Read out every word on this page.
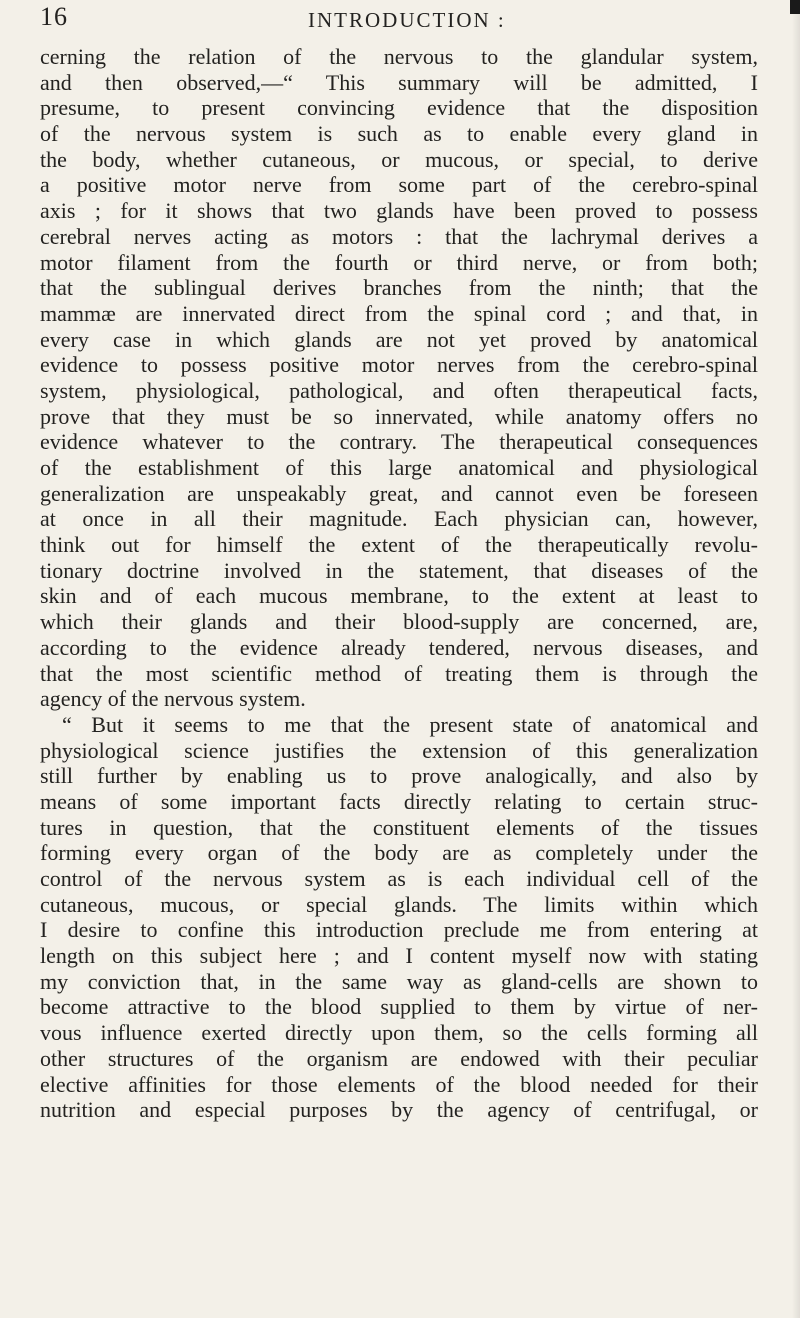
16	INTRODUCTION :
cerning the relation of the nervous to the glandular system,
and then observed,—“ This summary will be admitted, I
presume, to present convincing evidence that the disposition
of the nervous system is such as to enable every gland in
the body, whether cutaneous, or mucous, or special, to derive
a positive motor nerve from some part of the cerebro-spinal
axis ; for it shows that two glands have been proved to possess
cerebral nerves acting as motors : that the lachrymal derives a
motor filament from the fourth or third nerve, or from both;
that the sublingual derives branches from the ninth; that the
mammæ are innervated direct from the spinal cord ; and that, in
every case in which glands are not yet proved by anatomical
evidence to possess positive motor nerves from the cerebro-spinal
system, physiological, pathological, and often therapeutical facts,
prove that they must be so innervated, while anatomy offers no
evidence whatever to the contrary. The therapeutical consequences
of the establishment of this large anatomical and physiological
generalization are unspeakably great, and cannot even be foreseen
at once in all their magnitude. Each physician can, however,
think out for himself the extent of the therapeutically revolu-
tionary doctrine involved in the statement, that diseases of the
skin and of each mucous membrane, to the extent at least to
which their glands and their blood-supply are concerned, are,
according to the evidence already tendered, nervous diseases, and
that the most scientific method of treating them is through the
agency of the nervous system.
“ But it seems to me that the present state of anatomical and
physiological science justifies the extension of this generalization
still further by enabling us to prove analogically, and also by
means of some important facts directly relating to certain struc-
tures in question, that the constituent elements of the tissues
forming every organ of the body are as completely under the
control of the nervous system as is each individual cell of the
cutaneous, mucous, or special glands. The limits within which
I desire to confine this introduction preclude me from entering at
length on this subject here ; and I content myself now with stating
my conviction that, in the same way as gland-cells are shown to
become attractive to the blood supplied to them by virtue of ner-
vous influence exerted directly upon them, so the cells forming all
other structures of the organism are endowed with their peculiar
elective affinities for those elements of the blood needed for their
nutrition and especial purposes by the agency of centrifugal, or
